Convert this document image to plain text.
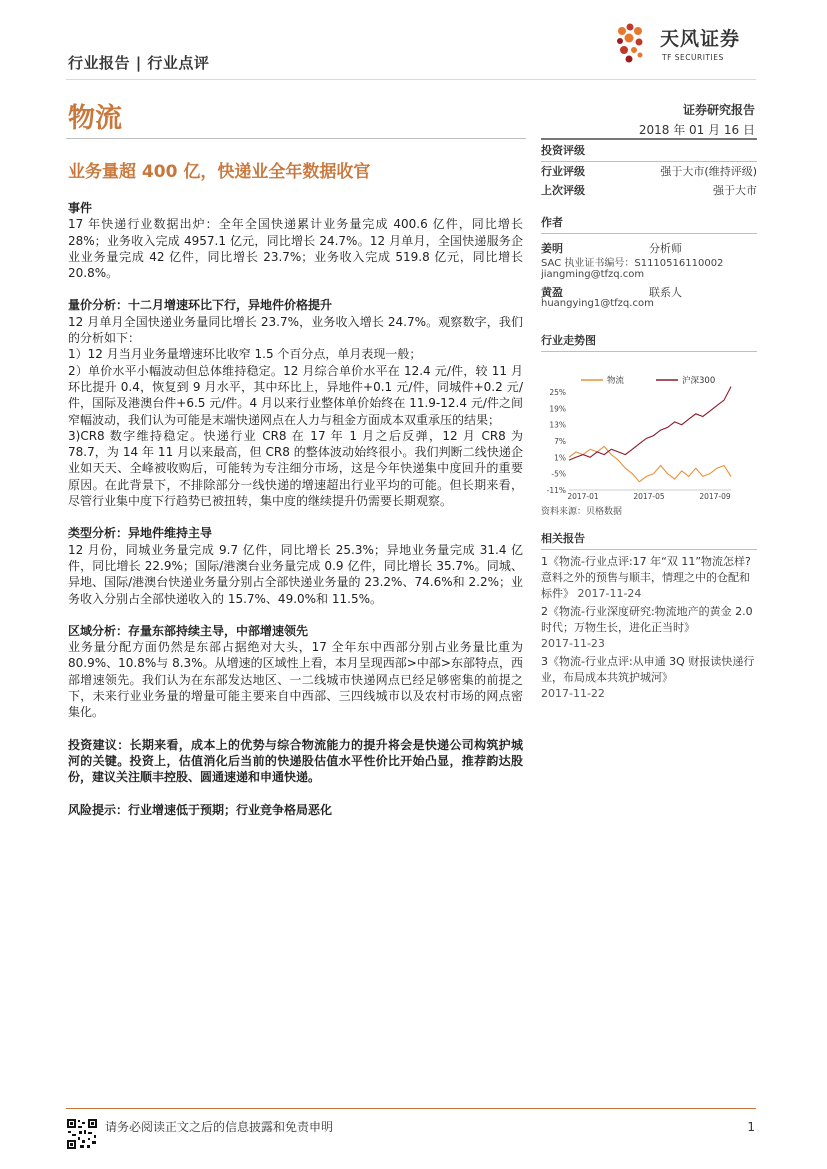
行业报告 | 行业点评
天风证券
TF SECURITIES
物流	证券研究报告
2018 年 01 月 16 日
业务量超 400 亿，快递业全年数据收官
事件
17 年快递行业数据出炉：全年全国快递累计业务量完成 400.6 亿件，同比增长 28%；业务收入完成 4957.1 亿元，同比增长 24.7%。12 月单月，全国快递服务企业业务量完成 42 亿件，同比增长 23.7%；业务收入完成 519.8 亿元，同比增长 20.8%。
量价分析：十二月增速环比下行，异地件价格提升
12 月单月全国快递业务量同比增长 23.7%，业务收入增长 24.7%。观察数字，我们的分析如下：
1）12 月当月业务量增速环比收窄 1.5 个百分点，单月表现一般；
2）单价水平小幅波动但总体维持稳定。12 月综合单价水平在 12.4 元/件，较 11 月环比提升 0.4，恢复到 9 月水平，其中环比上，异地件+0.1 元/件，同城件+0.2 元/件，国际及港澳台件+6.5 元/件。4 月以来行业整体单价始终在 11.9-12.4 元/件之间窄幅波动，我们认为可能是末端快递网点在人力与租金方面成本双重承压的结果；
3)CR8 数字维持稳定。快递行业 CR8 在 17 年 1 月之后反弹，12 月 CR8 为 78.7，为 14 年 11 月以来最高，但 CR8 的整体波动始终很小。我们判断二线快递企业如天天、全峰被收购后，可能转为专注细分市场，这是今年快递集中度回升的重要原因。在此背景下，不排除部分一线快递的增速超出行业平均的可能。但长期来看，尽管行业集中度下行趋势已被扭转，集中度的继续提升仍需要长期观察。
类型分析：异地件维持主导
12 月份，同城业务量完成 9.7 亿件，同比增长 25.3%；异地业务量完成 31.4 亿件，同比增长 22.9%；国际/港澳台业务量完成 0.9 亿件，同比增长 35.7%。同城、异地、国际/港澳台快递业务量分别占全部快递业务量的 23.2%、74.6%和 2.2%；业务收入分别占全部快递收入的 15.7%、49.0%和 11.5%。
区域分析：存量东部持续主导，中部增速领先
业务量分配方面仍然是东部占据绝对大头，17 全年东中西部分别占业务量比重为 80.9%、10.8%与 8.3%。从增速的区域性上看，本月呈现西部>中部>东部特点，西部增速领先。我们认为在东部发达地区、一二线城市快递网点已经足够密集的前提之下，未来行业业务量的增量可能主要来自中西部、三四线城市以及农村市场的网点密集化。
投资建议：长期来看，成本上的优势与综合物流能力的提升将会是快递公司构筑护城河的关键。投资上，估值消化后当前的快递股估值水平性价比开始凸显，推荐韵达股份，建议关注顺丰控股、圆通速递和申通快递。
风险提示：行业增速低于预期；行业竞争格局恶化
投资评级
行业评级	强于大市(维持评级)
上次评级	强于大市
作者
姜明	分析师
SAC 执业证书编号：S1110516110002
jiangming@tfzq.com
黄盈	联系人
huangying1@tfzq.com
行业走势图
物流	沪深300
25%
19%
13%
7%
1%
-5%
-11%
2017-01	2017-05	2017-09
资料来源：贝格数据
相关报告
1《物流-行业点评:17 年“双 11”物流怎样? 意料之外的预售与顺丰，情理之中的仓配和标件》 2017-11-24
2《物流-行业深度研究:物流地产的黄金 2.0 时代；万物生长，进化正当时》
2017-11-23
3《物流-行业点评:从申通 3Q 财报读快递行业，布局成本共筑护城河》
2017-11-22
请务必阅读正文之后的信息披露和免责申明	1
